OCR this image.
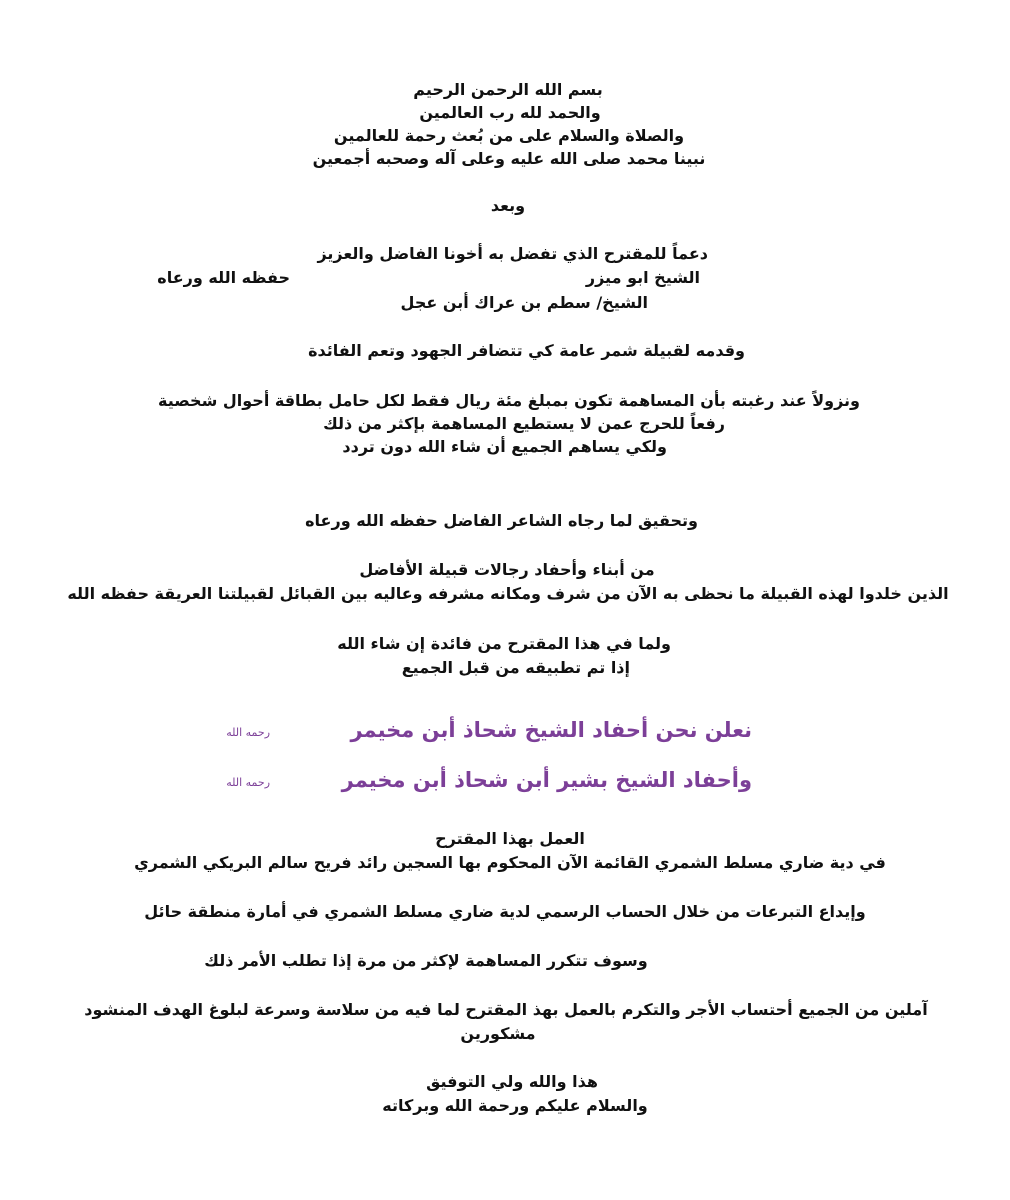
بسم الله الرحمن الرحيم
والحمد لله رب العالمين
والصلاة والسلام على من بُعث رحمة للعالمين
نبينا محمد صلى الله عليه وعلى آله وصحبه أجمعين
وبعد
دعماً للمقترح الذي تفضل به أخونا الفاضل والعزيز
الشيخ ابو ميزر
حفظه الله ورعاه
الشيخ/ سطم بن عراك أبن عجل
وقدمه لقبيلة شمر عامة كي تتضافر الجهود وتعم الفائدة
ونزولاً عند رغبته بأن المساهمة تكون بمبلغ مئة ريال فقط لكل حامل بطاقة أحوال شخصية
رفعاً للحرج عمن لا يستطيع المساهمة بإكثر من ذلك
ولكي يساهم الجميع أن شاء الله دون تردد
وتحقيق لما رجاه الشاعر الفاضل حفظه الله ورعاه
من أبناء وأحفاد رجالات قبيلة الأفاضل
الذين خلدوا لهذه القبيلة ما نحظى به الآن من شرف ومكانه مشرفه وعاليه بين القبائل لقبيلتنا العريقة حفظه الله
ولما في هذا المقترح من فائدة إن شاء الله
إذا تم تطبيقه من قبل الجميع
نعلن نحن أحفاد الشيخ شحاذ أبن مخيمر
رحمه الله
وأحفاد الشيخ بشير أبن شحاذ أبن مخيمر
رحمه الله
العمل بهذا المقترح
في دية ضاري مسلط الشمري القائمة الآن المحكوم بها السجين رائد فريح سالم البريكي الشمري
وإيداع التبرعات من خلال الحساب الرسمي لدية ضاري مسلط الشمري في أمارة منطقة حائل
وسوف تتكرر المساهمة لإكثر من مرة إذا تطلب الأمر ذلك
آملين من الجميع أحتساب الأجر والتكرم بالعمل بهذ المقترح لما فيه من سلاسة وسرعة لبلوغ الهدف المنشود
مشكورين
هذا والله ولي التوفيق
والسلام عليكم ورحمة الله وبركاته
